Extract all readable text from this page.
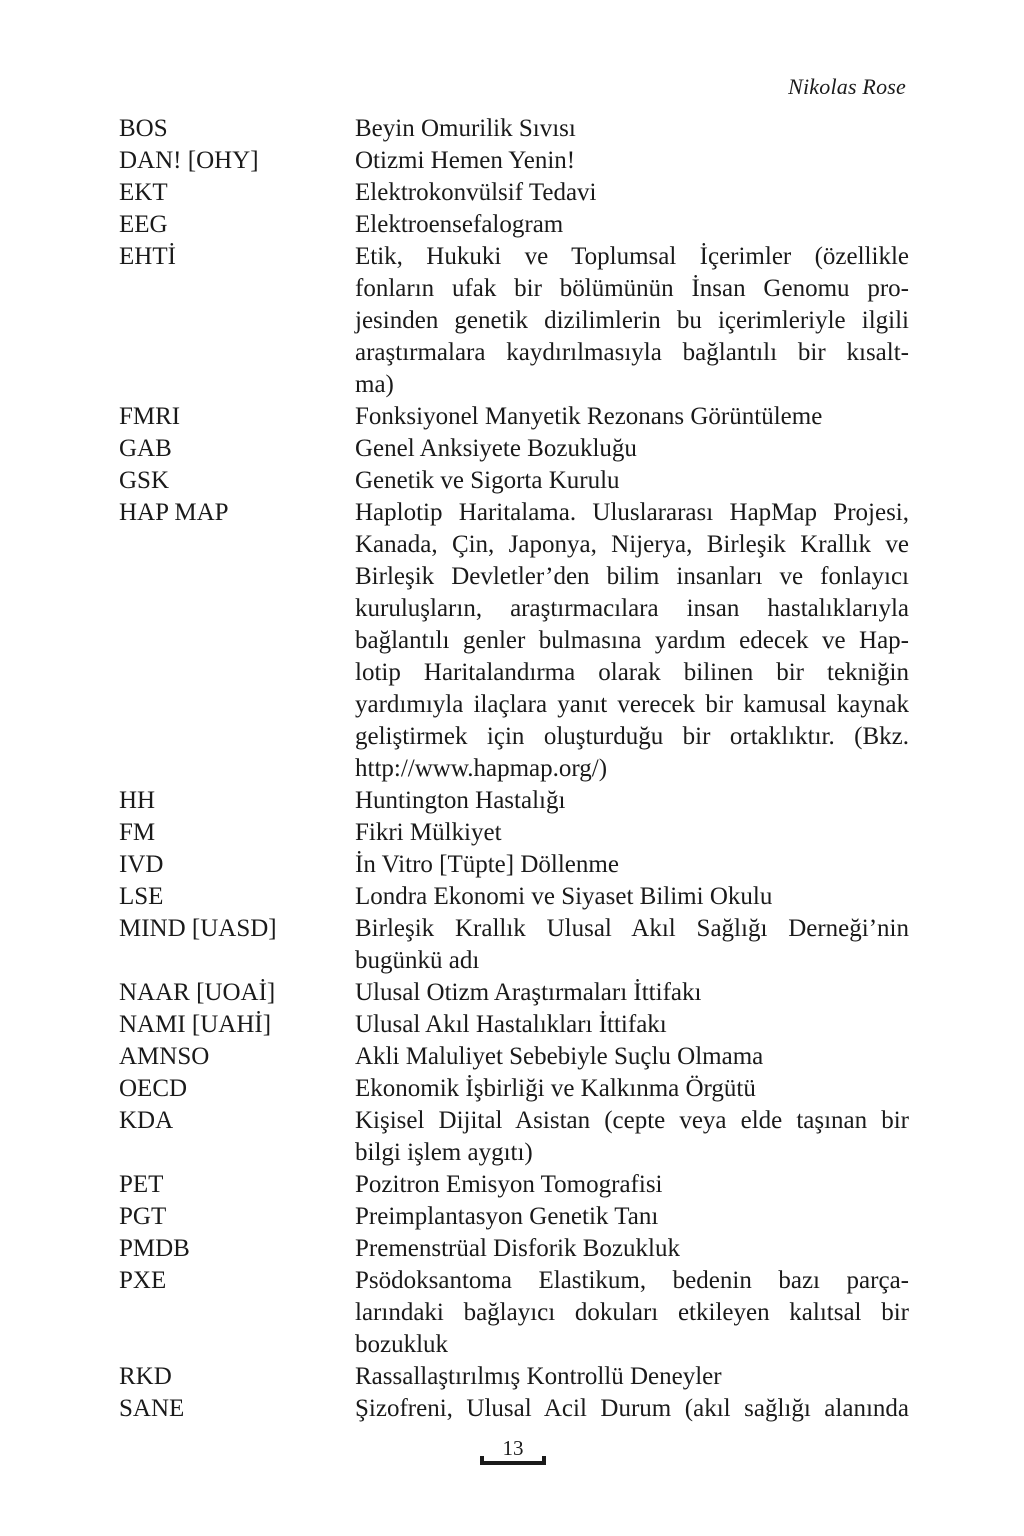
Nikolas Rose
BOS	Beyin Omurilik Sıvısı
DAN! [OHY]	Otizmi Hemen Yenin!
EKT	Elektrokonvülsif Tedavi
EEG	Elektroensefalogram
EHTİ	Etik, Hukuki ve Toplumsal İçerimler (özellikle
fonların ufak bir bölümünün İnsan Genomu pro-
jesinden genetik dizilimlerin bu içerimleriyle ilgili
araştırmalara kaydırılmasıyla bağlantılı bir kısalt-
ma)
FMRI	Fonksiyonel Manyetik Rezonans Görüntüleme
GAB	Genel Anksiyete Bozukluğu
GSK	Genetik ve Sigorta Kurulu
HAP MAP	Haplotip Haritalama. Uluslararası HapMap Projesi,
Kanada, Çin, Japonya, Nijerya, Birleşik Krallık ve
Birleşik Devletler’den bilim insanları ve fonlayıcı
kuruluşların, araştırmacılara insan hastalıklarıyla
bağlantılı genler bulmasına yardım edecek ve Hap-
lotip Haritalandırma olarak bilinen bir tekniğin
yardımıyla ilaçlara yanıt verecek bir kamusal kaynak
geliştirmek için oluşturduğu bir ortaklıktır. (Bkz.
http://www.hapmap.org/)
HH	Huntington Hastalığı
FM	Fikri Mülkiyet
IVD	İn Vitro [Tüpte] Döllenme
LSE	Londra Ekonomi ve Siyaset Bilimi Okulu
MIND [UASD]	Birleşik Krallık Ulusal Akıl Sağlığı Derneği’nin
bugünkü adı
NAAR [UOAİ]	Ulusal Otizm Araştırmaları İttifakı
NAMI [UAHİ]	Ulusal Akıl Hastalıkları İttifakı
AMNSO	Akli Maluliyet Sebebiyle Suçlu Olmama
OECD	Ekonomik İşbirliği ve Kalkınma Örgütü
KDA	Kişisel Dijital Asistan (cepte veya elde taşınan bir
bilgi işlem aygıtı)
PET	Pozitron Emisyon Tomografisi
PGT	Preimplantasyon Genetik Tanı
PMDB	Premenstrüal Disforik Bozukluk
PXE	Psödoksantoma Elastikum, bedenin bazı parça-
larındaki bağlayıcı dokuları etkileyen kalıtsal bir
bozukluk
RKD	Rassallaştırılmış Kontrollü Deneyler
SANE	Şizofreni, Ulusal Acil Durum (akıl sağlığı alanında
13
